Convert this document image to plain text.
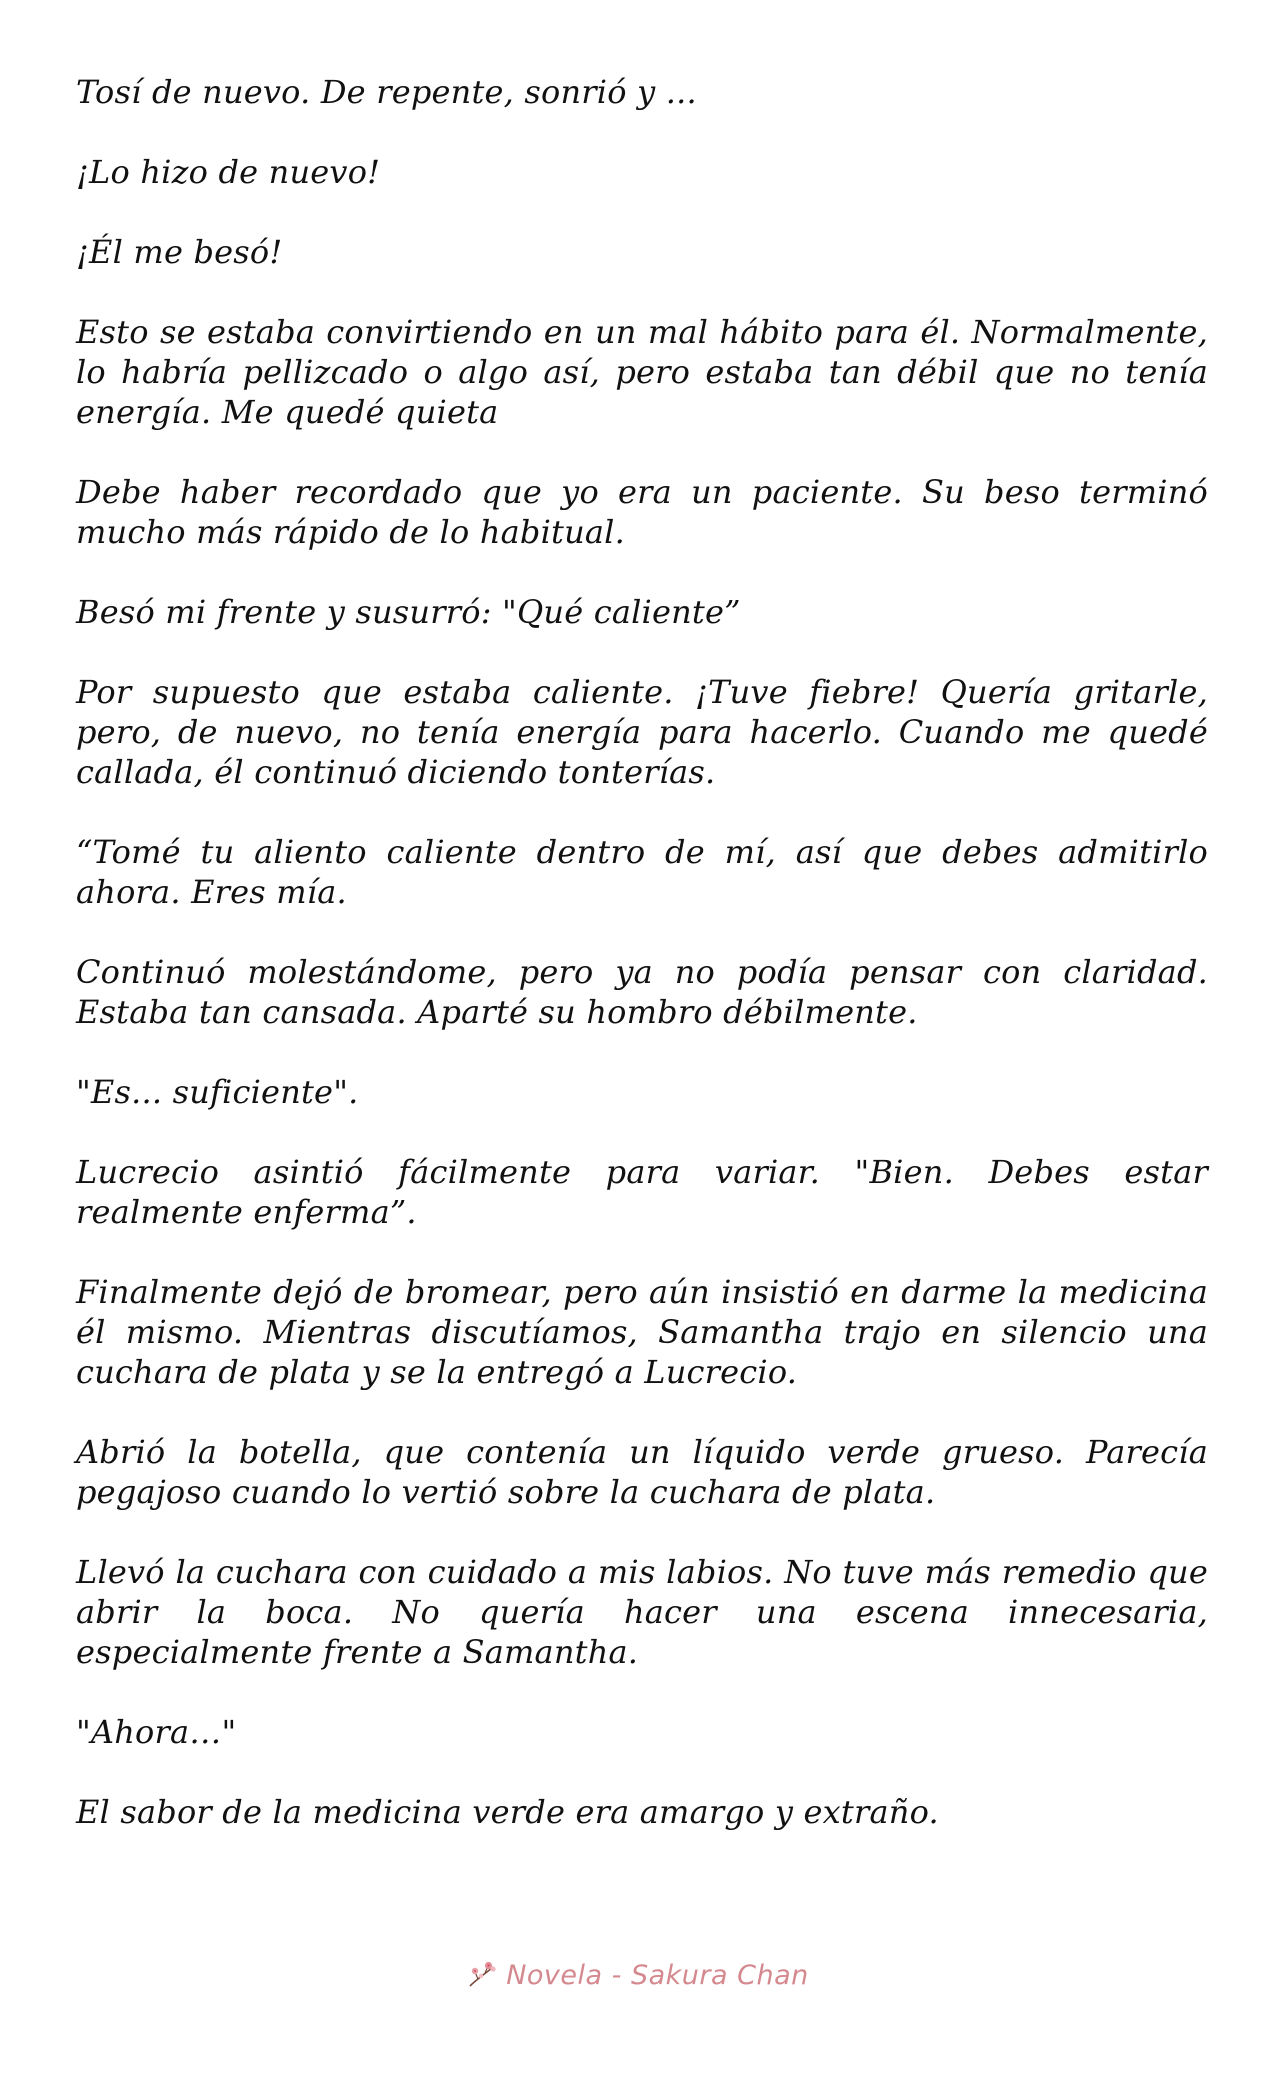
Tosí de nuevo. De repente, sonrió y ...

¡Lo hizo de nuevo!

¡Él me besó!

Esto se estaba convirtiendo en un mal hábito para él. Normalmente, lo habría pellizcado o algo así, pero estaba tan débil que no tenía energía. Me quedé quieta

Debe haber recordado que yo era un paciente. Su beso terminó mucho más rápido de lo habitual.

Besó mi frente y susurró: "Qué caliente”

Por supuesto que estaba caliente. ¡Tuve fiebre! Quería gritarle, pero, de nuevo, no tenía energía para hacerlo. Cuando me quedé callada, él continuó diciendo tonterías.

“Tomé tu aliento caliente dentro de mí, así que debes admitirlo ahora. Eres mía.

Continuó molestándome, pero ya no podía pensar con claridad. Estaba tan cansada. Aparté su hombro débilmente.

"Es... suficiente".

Lucrecio asintió fácilmente para variar. "Bien. Debes estar realmente enferma”.

Finalmente dejó de bromear, pero aún insistió en darme la medicina él mismo. Mientras discutíamos, Samantha trajo en silencio una cuchara de plata y se la entregó a Lucrecio.

Abrió la botella, que contenía un líquido verde grueso. Parecía pegajoso cuando lo vertió sobre la cuchara de plata.

Llevó la cuchara con cuidado a mis labios. No tuve más remedio que abrir la boca. No quería hacer una escena innecesaria, especialmente frente a Samantha.

"Ahora…"

El sabor de la medicina verde era amargo y extraño.

Novela - Sakura Chan
